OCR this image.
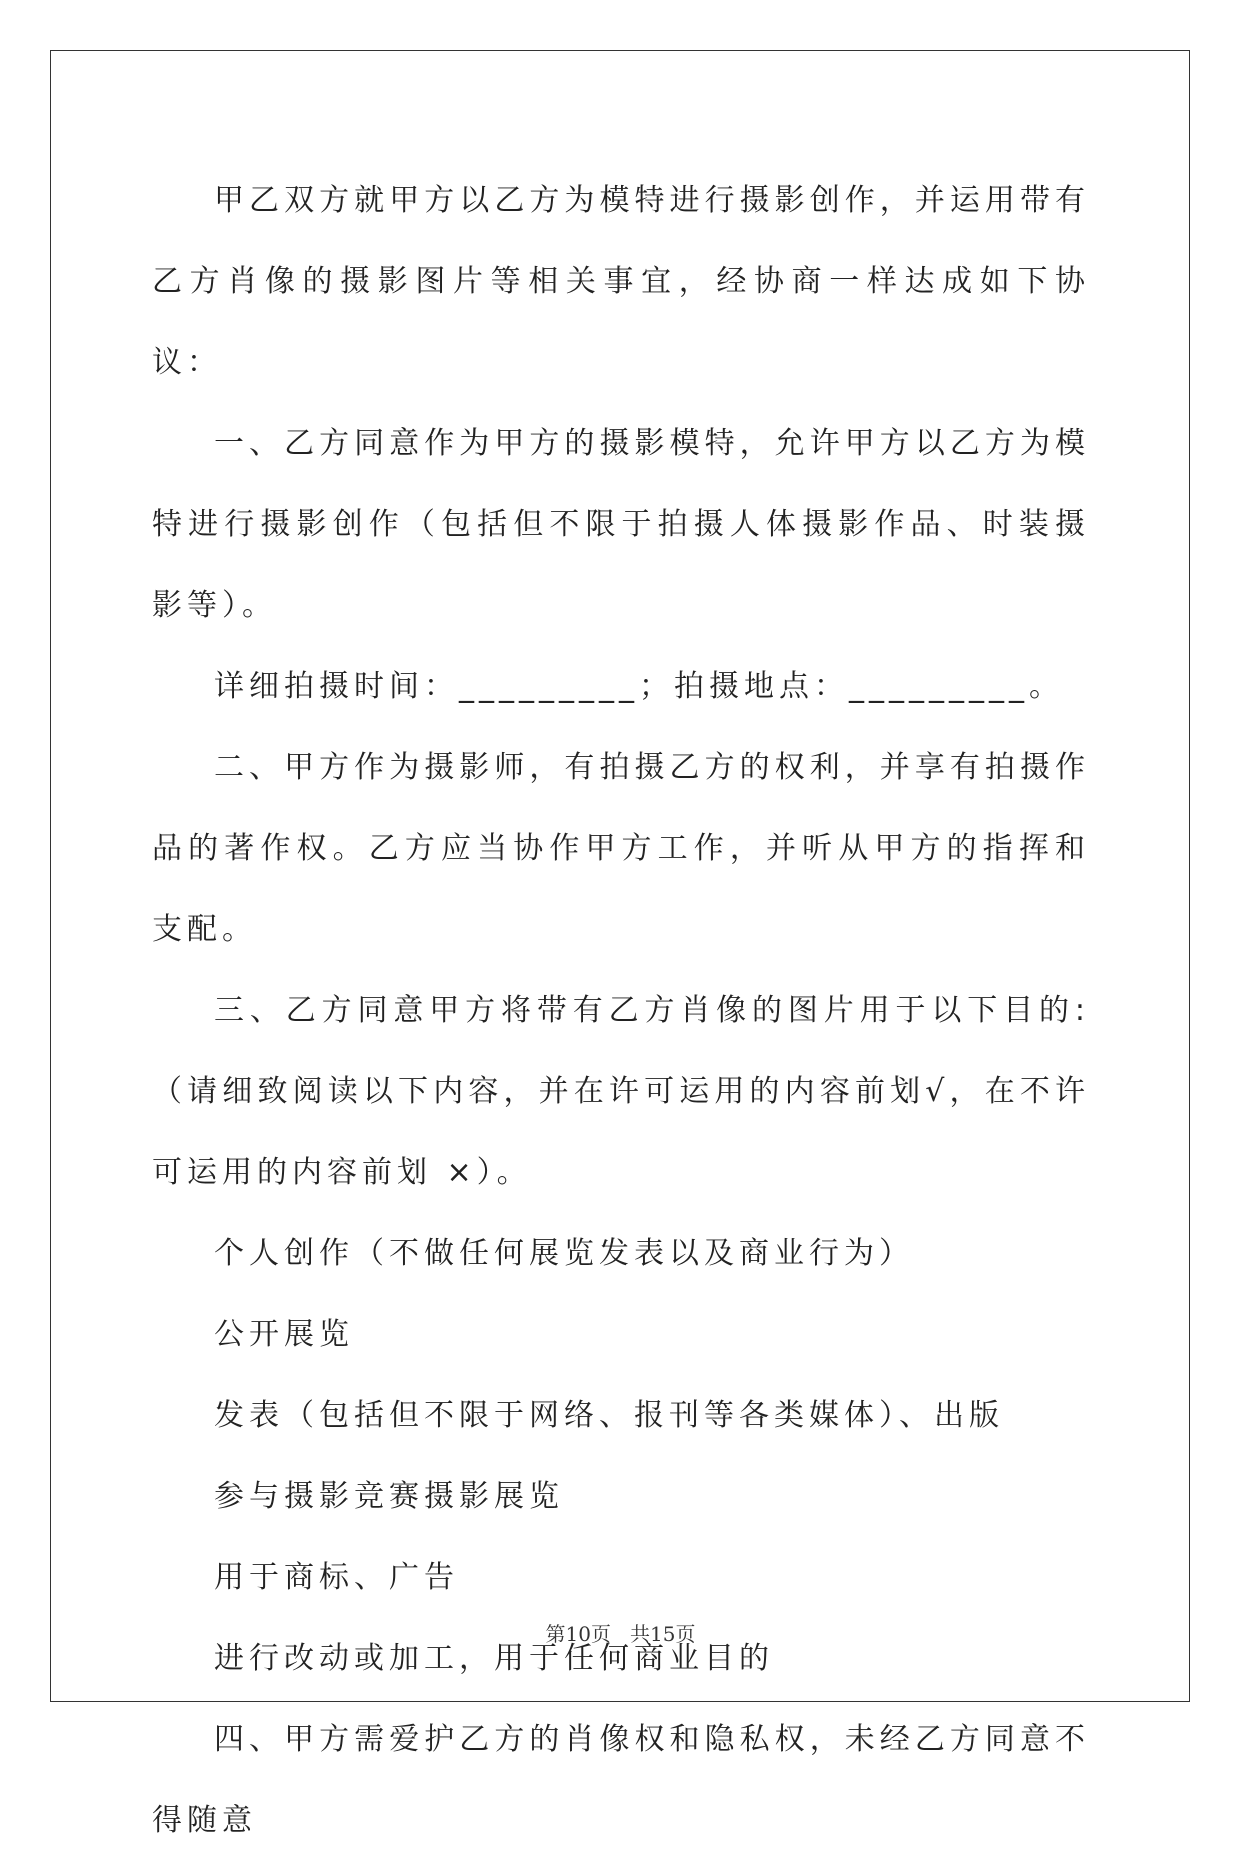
甲乙双方就甲方以乙方为模特进行摄影创作，并运用带有乙方肖像的摄影图片等相关事宜，经协商一样达成如下协议：

一、乙方同意作为甲方的摄影模特，允许甲方以乙方为模特进行摄影创作（包括但不限于拍摄人体摄影作品、时装摄影等）。

详细拍摄时间：_________；拍摄地点：_________。

二、甲方作为摄影师，有拍摄乙方的权利，并享有拍摄作品的著作权。乙方应当协作甲方工作，并听从甲方的指挥和支配。

三、乙方同意甲方将带有乙方肖像的图片用于以下目的:（请细致阅读以下内容，并在许可运用的内容前划√，在不许可运用的内容前划 ×）。

个人创作（不做任何展览发表以及商业行为）

公开展览

发表（包括但不限于网络、报刊等各类媒体）、出版

参与摄影竞赛摄影展览

用于商标、广告

进行改动或加工，用于任何商业目的

四、甲方需爱护乙方的肖像权和隐私权，未经乙方同意不得随意

第10页   共15页
